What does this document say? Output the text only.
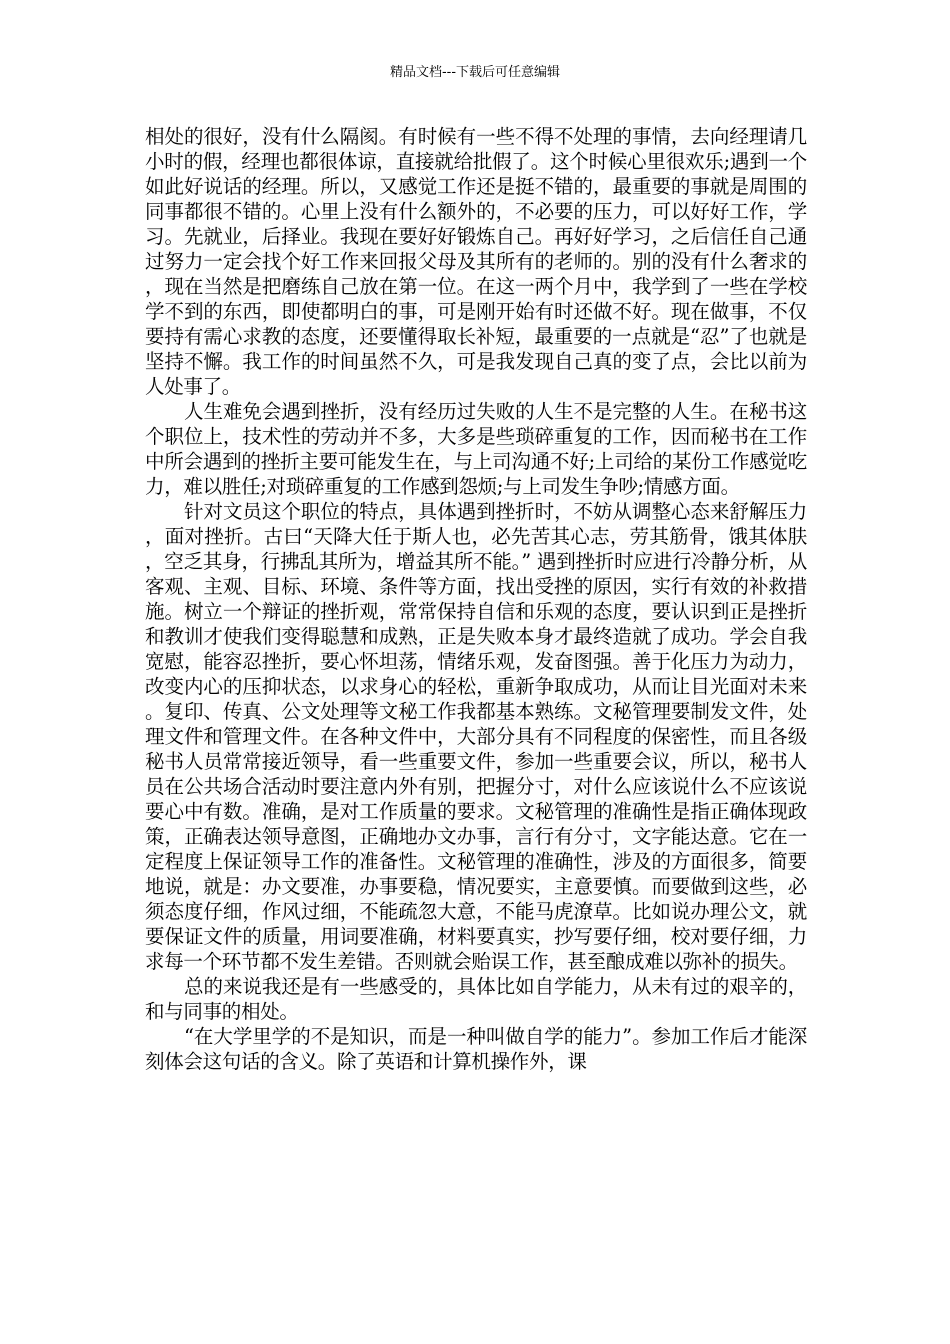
精品文档---下载后可任意编辑

相处的很好，没有什么隔阂。有时候有一些不得不处理的事情，去向经理请几小时的假，经理也都很体谅，直接就给批假了。这个时候心里很欢乐;遇到一个如此好说话的经理。所以，又感觉工作还是挺不错的，最重要的事就是周围的同事都很不错的。心里上没有什么额外的，不必要的压力，可以好好工作，学习。先就业，后择业。我现在要好好锻炼自己。再好好学习，之后信任自己通过努力一定会找个好工作来回报父母及其所有的老师的。别的没有什么奢求的，现在当然是把磨练自己放在第一位。在这一两个月中，我学到了一些在学校学不到的东西，即使都明白的事，可是刚开始有时还做不好。现在做事，不仅要持有需心求教的态度，还要懂得取长补短，最重要的一点就是“忍”了也就是坚持不懈。我工作的时间虽然不久，可是我发现自己真的变了点，会比以前为人处事了。

人生难免会遇到挫折，没有经历过失败的人生不是完整的人生。在秘书这个职位上，技术性的劳动并不多，大多是些琐碎重复的工作，因而秘书在工作中所会遇到的挫折主要可能发生在，与上司沟通不好;上司给的某份工作感觉吃力，难以胜任;对琐碎重复的工作感到怨烦;与上司发生争吵;情感方面。

针对文员这个职位的特点，具体遇到挫折时，不妨从调整心态来舒解压力，面对挫折。古曰“天降大任于斯人也，必先苦其心志，劳其筋骨，饿其体肤，空乏其身，行拂乱其所为，增益其所不能。” 遇到挫折时应进行冷静分析，从客观、主观、目标、环境、条件等方面，找出受挫的原因，实行有效的补救措施。树立一个辩证的挫折观，常常保持自信和乐观的态度，要认识到正是挫折和教训才使我们变得聪慧和成熟，正是失败本身才最终造就了成功。学会自我宽慰，能容忍挫折，要心怀坦荡，情绪乐观，发奋图强。善于化压力为动力，改变内心的压抑状态，以求身心的轻松，重新争取成功，从而让目光面对未来。复印、传真、公文处理等文秘工作我都基本熟练。文秘管理要制发文件，处理文件和管理文件。在各种文件中，大部分具有不同程度的保密性，而且各级秘书人员常常接近领导，看一些重要文件，参加一些重要会议，所以，秘书人员在公共场合活动时要注意内外有别，把握分寸，对什么应该说什么不应该说要心中有数。准确，是对工作质量的要求。文秘管理的准确性是指正确体现政策，正确表达领导意图，正确地办文办事，言行有分寸，文字能达意。它在一定程度上保证领导工作的准备性。文秘管理的准确性，涉及的方面很多，简要地说，就是：办文要准，办事要稳，情况要实，主意要慎。而要做到这些，必须态度仔细，作风过细，不能疏忽大意，不能马虎潦草。比如说办理公文，就要保证文件的质量，用词要准确，材料要真实，抄写要仔细，校对要仔细，力求每一个环节都不发生差错。否则就会贻误工作，甚至酿成难以弥补的损失。

总的来说我还是有一些感受的，具体比如自学能力，从未有过的艰辛的，和与同事的相处。

“在大学里学的不是知识，而是一种叫做自学的能力”。参加工作后才能深刻体会这句话的含义。除了英语和计算机操作外，课
